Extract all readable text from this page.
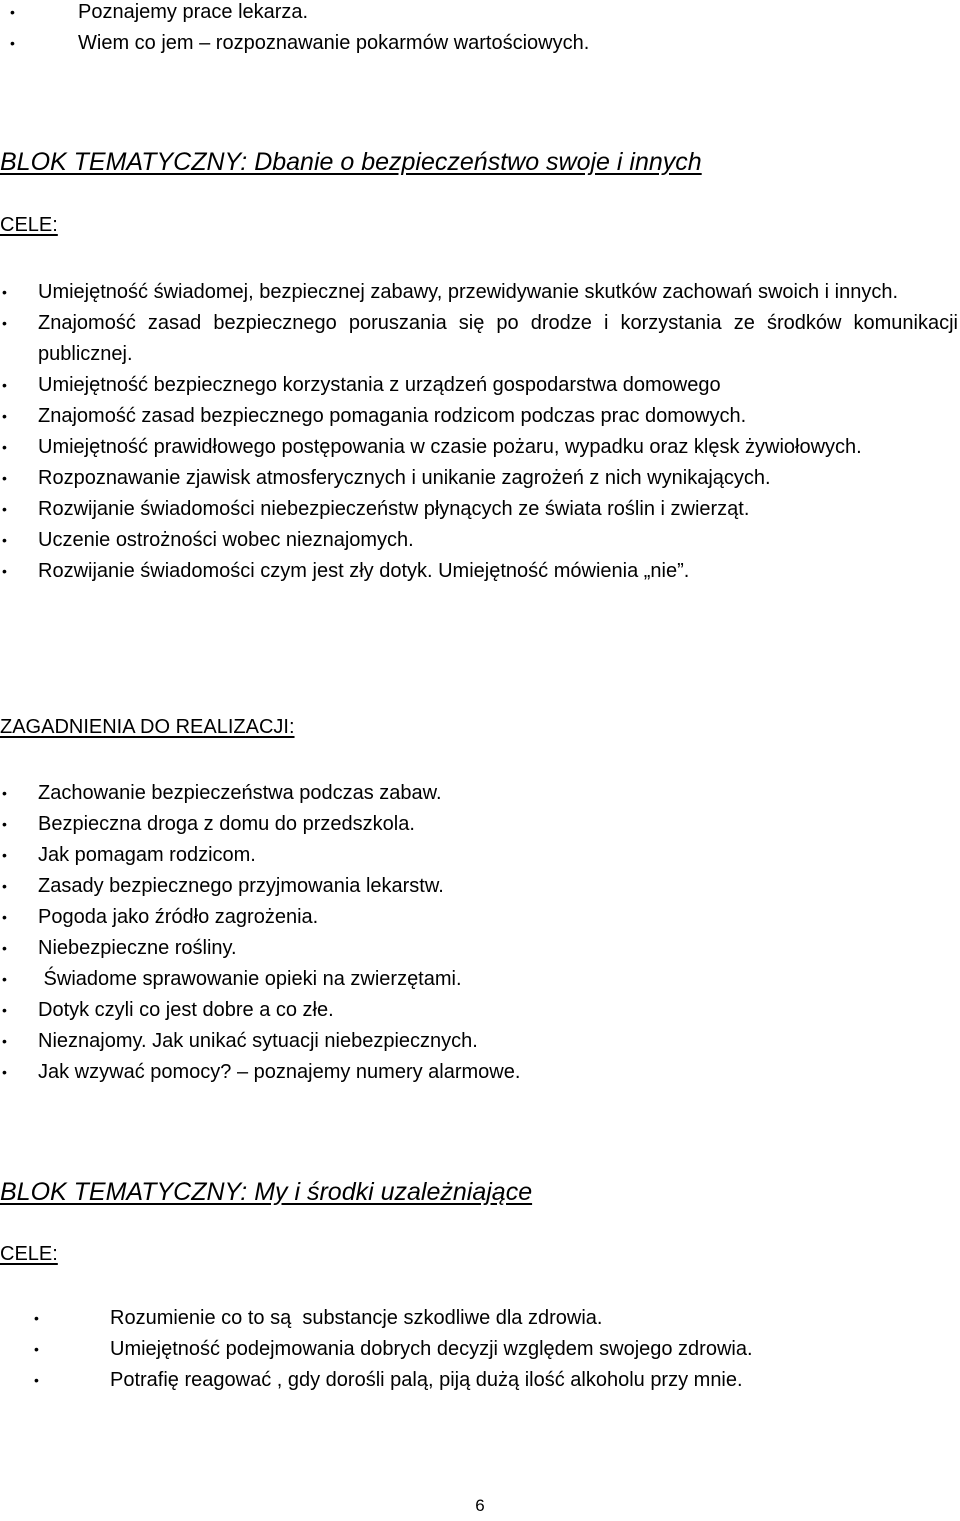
•	Poznajemy prace lekarza.
•	Wiem co jem – rozpoznawanie pokarmów wartościowych.
BLOK TEMATYCZNY: Dbanie o bezpieczeństwo swoje i innych
CELE:
• Umiejętność świadomej, bezpiecznej zabawy, przewidywanie skutków zachowań swoich i innych.
• Znajomość zasad bezpiecznego poruszania się po drodze i korzystania ze środków komunikacji publicznej.
• Umiejętność bezpiecznego korzystania z urządzeń gospodarstwa domowego
• Znajomość zasad bezpiecznego pomagania rodzicom podczas prac domowych.
• Umiejętność prawidłowego postępowania w czasie pożaru, wypadku oraz klęsk żywiołowych.
• Rozpoznawanie zjawisk atmosferycznych i unikanie zagrożeń z nich wynikających.
• Rozwijanie świadomości niebezpieczeństw płynących ze świata roślin i zwierząt.
• Uczenie ostrożności wobec nieznajomych.
• Rozwijanie świadomości czym jest zły dotyk. Umiejętność mówienia „nie”.
ZAGADNIENIA DO REALIZACJI:
• Zachowanie bezpieczeństwa podczas zabaw.
• Bezpieczna droga z domu do przedszkola.
• Jak pomagam rodzicom.
• Zasady bezpiecznego przyjmowania lekarstw.
• Pogoda jako źródło zagrożenia.
• Niebezpieczne rośliny.
• Świadome sprawowanie opieki na zwierzętami.
• Dotyk czyli co jest dobre a co złe.
• Nieznajomy. Jak unikać sytuacji niebezpiecznych.
• Jak wzywać pomocy? – poznajemy numery alarmowe.
BLOK TEMATYCZNY: My i środki uzależniające
CELE:
•	Rozumienie co to są  substancje szkodliwe dla zdrowia.
•	Umiejętność podejmowania dobrych decyzji względem swojego zdrowia.
•	Potrafię reagować , gdy dorośli palą, piją dużą ilość alkoholu przy mnie.
6
